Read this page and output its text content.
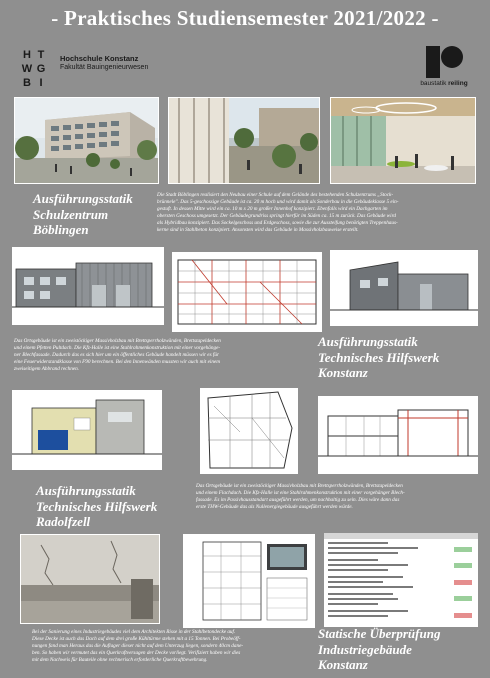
- Praktisches Studiensemester 2021/2022 -
H T
W G
B I
Hochschule Konstanz
Fakultät Bauingenieurwesen
baustatik reiling
Ausführungsstatik
Schulzentrum
Böblingen
Die Stadt Böblingen realisiert den Neubau einer Schule auf dem Gelände des bestehenden Schulzentrums „Stock-
brünnele". Das 5-geschossige Gebäude ist ca. 20 m hoch und wird damit als Sonderbau in die Gebäudeklasse 5 ein-
gestuft. In dessen Mitte wird ein ca. 10 m x 20 m großer Innenhof konzipiert. Ebenfalls wird ein Dachgarten im
obersten Geschoss umgesetzt. Der Gebäudegrundriss springt hierfür im Süden ca. 15 m zurück. Das Gebäude wird
als Hybridbau konzipiert. Das Sockelgeschoss und Erdgeschoss, sowie die zur Aussteifung benötigten Treppenhaus-
kerne sind in Stahlbeton konzipiert. Ansonsten wird das Gebäude in Massivholzbauweise erstellt.
Das Ortsgebäude ist ein zweistöckiger Massivholzbau mit Brettsperrholzwänden, Brettstapeldecken
und einem Pfetten Pultdach. Die Kfz-Halle ist eine Stahlrahmenkonstruktion mit einer vorgehänge-
ner Blechfassade. Dadurch das es sich hier um ein öffentliches Gebäude handelt müssen wir es für
eine Feuerwiderstandklasse von F90 berechnen. Bei den Innenwänden mussten wir auch mit einem
zweiseitigem Abbrand rechnen.
Ausführungsstatik
Technisches Hilfswerk
Konstanz
Ausführungsstatik
Technisches Hilfswerk
Radolfzell
Das Ortsgebäude ist ein zweistöckiger Massivholzbau mit Brettsperrholzwänden, Brettstapeldecken
und einem Flachdach. Die Kfz-Halle ist eine Stahlrahmenkonstruktion mit einer vorgehänger Blech-
fassade. Es im Passivhausstandart ausgeführt werden, um nachhaltig zu sein. Dies wäre dann das
erste THW-Gebäude das als Nullenergiegebäude ausgeführt werden würde.
Bei der Sanierung eines Industriegebäudes viel dem Architekten Risse in der Stahlbetondecke auf.
Diese Decke ist auch das Dach auf dem drei große Kühltürme stehen mit a 15 Tonnen. Bei Probeöff-
nungen fand man Heraus das die Auflager dieser nicht auf dem Unterzug liegen, sondern 40cm dane-
ben. So haben wir vermutet das ein Querkraftversagen der Decke vorliegt. Verifiziert haben wir dies
mit dem Nachweis für Bauteile ohne rechnerisch erforderliche Querkraftbewehrung.
Statische Überprüfung
Industriegebäude
Konstanz
